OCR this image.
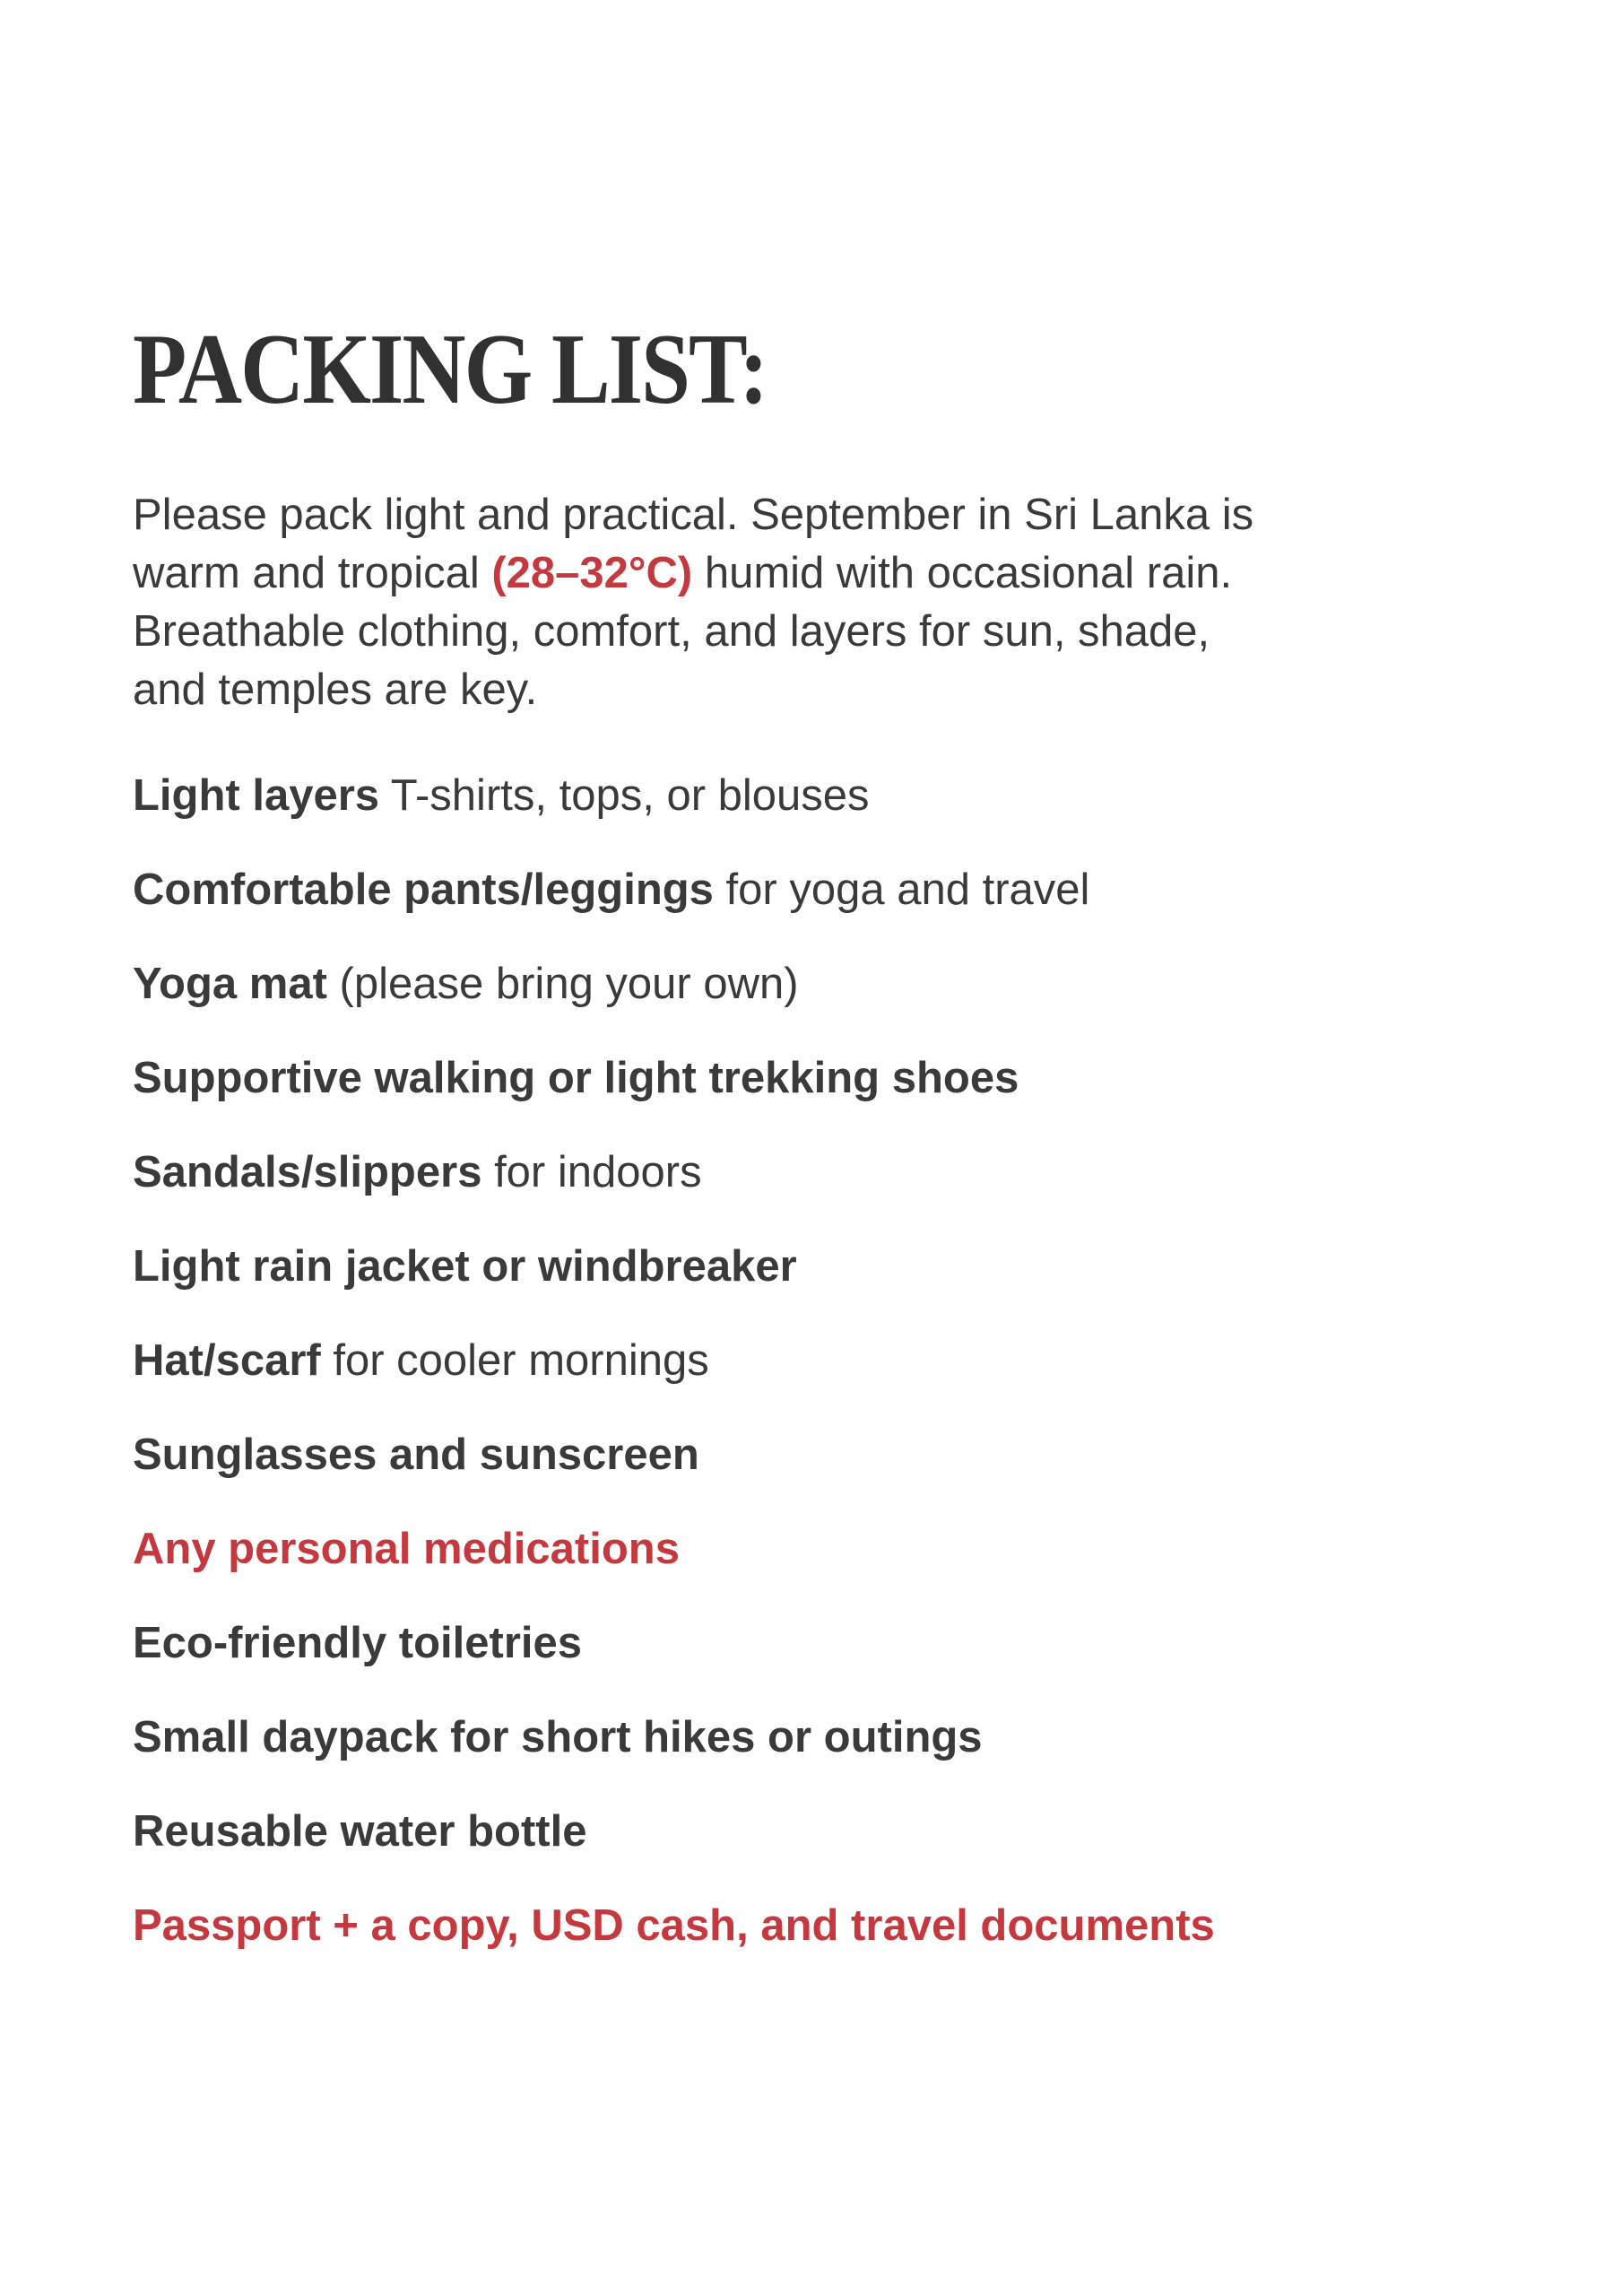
PACKING LIST:
Please pack light and practical. September in Sri Lanka is
warm and tropical (28–32°C) humid with occasional rain.
Breathable clothing, comfort, and layers for sun, shade,
and temples are key.

Light layers T-shirts, tops, or blouses

Comfortable pants/leggings for yoga and travel

Yoga mat (please bring your own)

Supportive walking or light trekking shoes

Sandals/slippers for indoors

Light rain jacket or windbreaker

Hat/scarf for cooler mornings

Sunglasses and sunscreen

Any personal medications

Eco-friendly toiletries

Small daypack for short hikes or outings

Reusable water bottle

Passport + a copy, USD cash, and travel documents
